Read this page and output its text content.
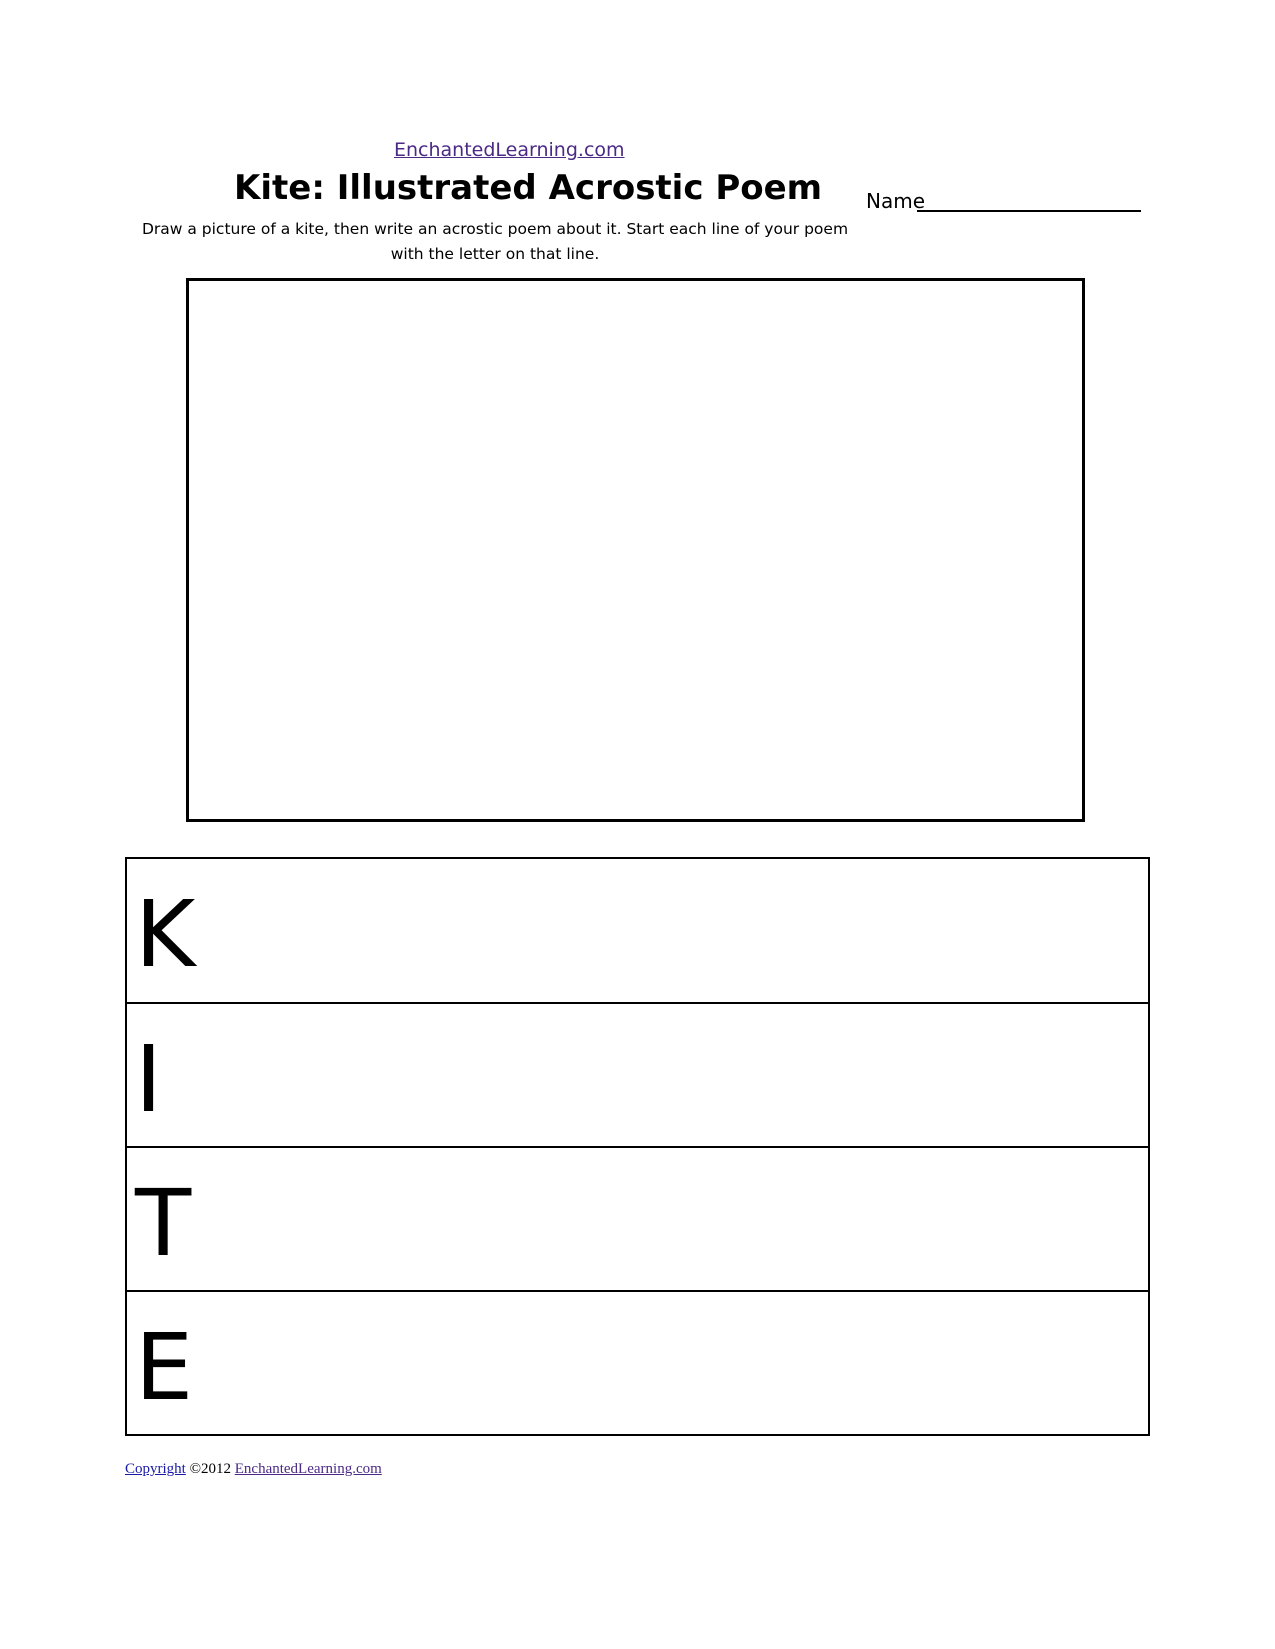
EnchantedLearning.com
Kite: Illustrated Acrostic Poem Name

Draw a picture of a kite, then write an acrostic poem about it. Start each line of your poem with the letter on that line.

K
I
T
E
Copyright ©2012 EnchantedLearning.com
